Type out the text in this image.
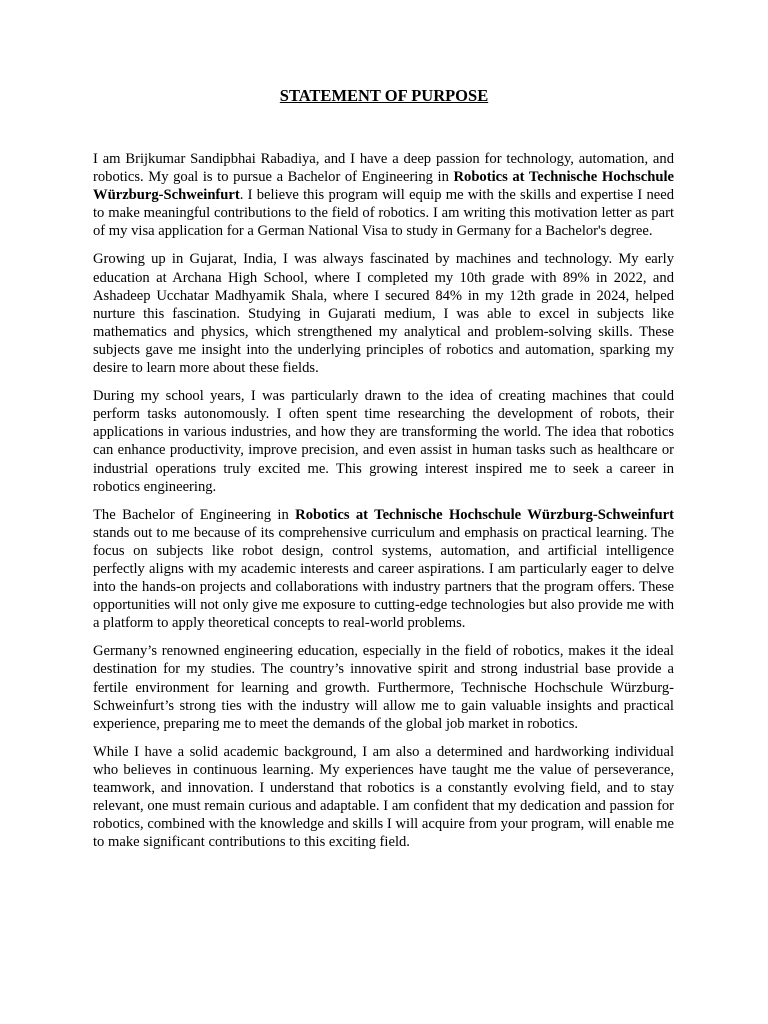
STATEMENT OF PURPOSE

I am Brijkumar Sandipbhai Rabadiya, and I have a deep passion for technology, automation, and robotics. My goal is to pursue a Bachelor of Engineering in Robotics at Technische Hochschule Würzburg-Schweinfurt. I believe this program will equip me with the skills and expertise I need to make meaningful contributions to the field of robotics. I am writing this motivation letter as part of my visa application for a German National Visa to study in Germany for a Bachelor's degree.

Growing up in Gujarat, India, I was always fascinated by machines and technology. My early education at Archana High School, where I completed my 10th grade with 89% in 2022, and Ashadeep Ucchatar Madhyamik Shala, where I secured 84% in my 12th grade in 2024, helped nurture this fascination. Studying in Gujarati medium, I was able to excel in subjects like mathematics and physics, which strengthened my analytical and problem-solving skills. These subjects gave me insight into the underlying principles of robotics and automation, sparking my desire to learn more about these fields.

During my school years, I was particularly drawn to the idea of creating machines that could perform tasks autonomously. I often spent time researching the development of robots, their applications in various industries, and how they are transforming the world. The idea that robotics can enhance productivity, improve precision, and even assist in human tasks such as healthcare or industrial operations truly excited me. This growing interest inspired me to seek a career in robotics engineering.

The Bachelor of Engineering in Robotics at Technische Hochschule Würzburg-Schweinfurt stands out to me because of its comprehensive curriculum and emphasis on practical learning. The focus on subjects like robot design, control systems, automation, and artificial intelligence perfectly aligns with my academic interests and career aspirations. I am particularly eager to delve into the hands-on projects and collaborations with industry partners that the program offers. These opportunities will not only give me exposure to cutting-edge technologies but also provide me with a platform to apply theoretical concepts to real-world problems.

Germany’s renowned engineering education, especially in the field of robotics, makes it the ideal destination for my studies. The country’s innovative spirit and strong industrial base provide a fertile environment for learning and growth. Furthermore, Technische Hochschule Würzburg-Schweinfurt’s strong ties with the industry will allow me to gain valuable insights and practical experience, preparing me to meet the demands of the global job market in robotics.

While I have a solid academic background, I am also a determined and hardworking individual who believes in continuous learning. My experiences have taught me the value of perseverance, teamwork, and innovation. I understand that robotics is a constantly evolving field, and to stay relevant, one must remain curious and adaptable. I am confident that my dedication and passion for robotics, combined with the knowledge and skills I will acquire from your program, will enable me to make significant contributions to this exciting field.
